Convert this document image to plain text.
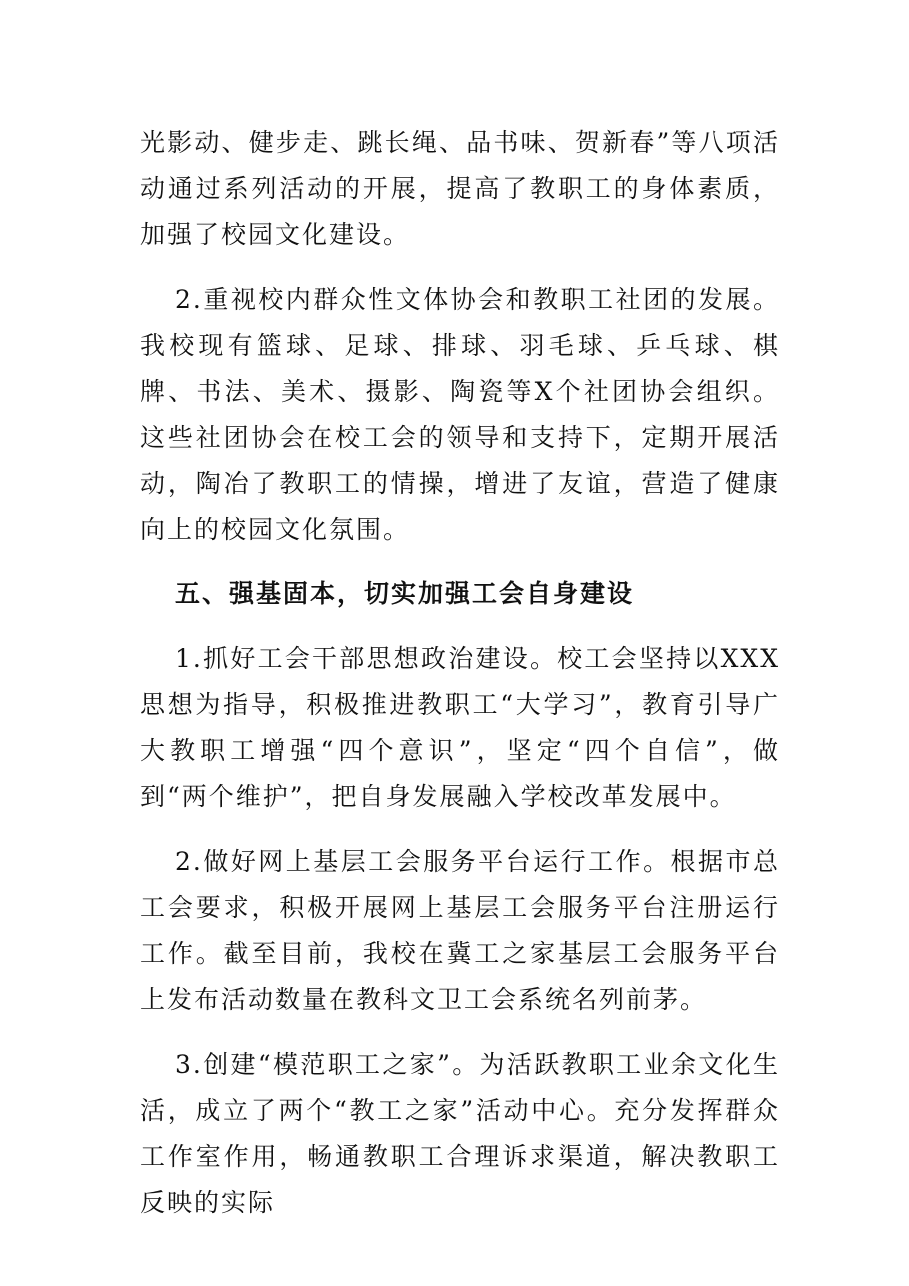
光影动、健步走、跳长绳、品书味、贺新春”等八项活动通过系列活动的开展，提高了教职工的身体素质，加强了校园文化建设。

2.重视校内群众性文体协会和教职工社团的发展。我校现有篮球、足球、排球、羽毛球、乒乓球、棋牌、书法、美术、摄影、陶瓷等X个社团协会组织。这些社团协会在校工会的领导和支持下，定期开展活动，陶冶了教职工的情操，增进了友谊，营造了健康向上的校园文化氛围。

五、强基固本，切实加强工会自身建设

1.抓好工会干部思想政治建设。校工会坚持以XXX思想为指导，积极推进教职工“大学习”，教育引导广大教职工增强“四个意识”，坚定“四个自信”，做到“两个维护”，把自身发展融入学校改革发展中。

2.做好网上基层工会服务平台运行工作。根据市总工会要求，积极开展网上基层工会服务平台注册运行工作。截至目前，我校在冀工之家基层工会服务平台上发布活动数量在教科文卫工会系统名列前茅。

3.创建“模范职工之家”。为活跃教职工业余文化生活，成立了两个“教工之家”活动中心。充分发挥群众工作室作用，畅通教职工合理诉求渠道，解决教职工反映的实际
